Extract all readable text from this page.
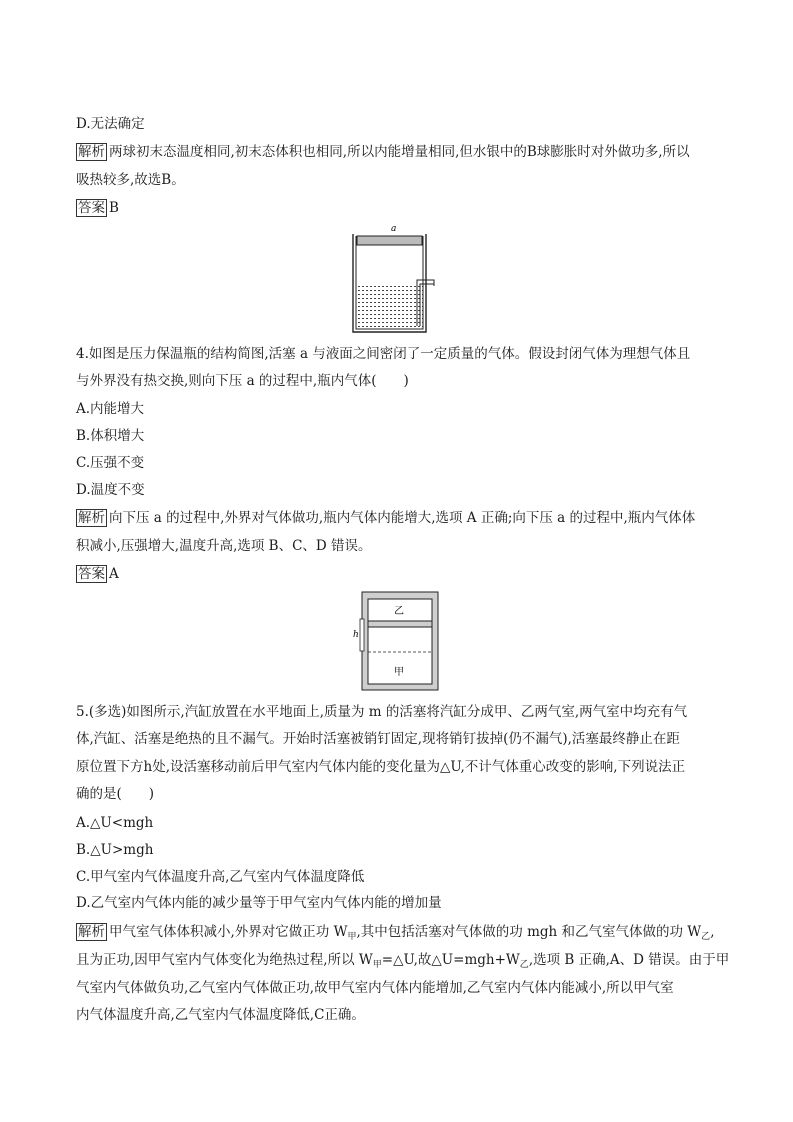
D.无法确定
解析 两球初末态温度相同,初末态体积也相同,所以内能增量相同,但水银中的B球膨胀时对外做功多,所以
吸热较多,故选B。
答案 B
a
4.如图是压力保温瓶的结构简图,活塞 a 与液面之间密闭了一定质量的气体。假设封闭气体为理想气体且
与外界没有热交换,则向下压 a 的过程中,瓶内气体(　　)
A.内能增大
B.体积增大
C.压强不变
D.温度不变
解析 向下压 a 的过程中,外界对气体做功,瓶内气体内能增大,选项 A 正确;向下压 a 的过程中,瓶内气体体
积减小,压强增大,温度升高,选项 B、C、D 错误。
答案 A
乙
甲
h
5.(多选)如图所示,汽缸放置在水平地面上,质量为 m 的活塞将汽缸分成甲、乙两气室,两气室中均充有气
体,汽缸、活塞是绝热的且不漏气。开始时活塞被销钉固定,现将销钉拔掉(仍不漏气),活塞最终静止在距
原位置下方h处,设活塞移动前后甲气室内气体内能的变化量为△U,不计气体重心改变的影响,下列说法正
确的是(　　)
A.△U<mgh
B.△U>mgh
C.甲气室内气体温度升高,乙气室内气体温度降低
D.乙气室内气体内能的减少量等于甲气室内气体内能的增加量
解析 甲气室气体体积减小,外界对它做正功 $W_甲$,其中包括活塞对气体做的功 mgh 和乙气室气体做的功 $W_乙$,
且为正功,因甲气室内气体变化为绝热过程,所以 $W_甲=\triangle U$,故$\triangle U=mgh+W_乙$,选项 B 正确,A、D 错误。由于甲
气室内气体做负功,乙气室内气体做正功,故甲气室内气体内能增加,乙气室内气体内能减小,所以甲气室
内气体温度升高,乙气室内气体温度降低,C正确。
